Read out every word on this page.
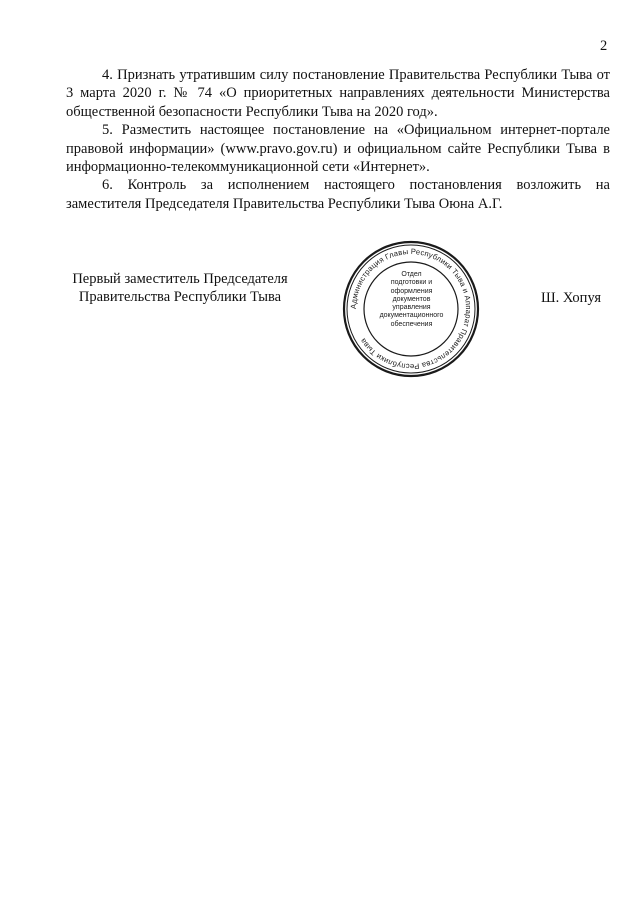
2

4. Признать утратившим силу постановление Правительства Республики Тыва от 3 марта 2020 г. № 74 «О приоритетных направлениях деятельности Министерства общественной безопасности Республики Тыва на 2020 год».

5. Разместить настоящее постановление на «Официальном интернет-портале правовой информации» (www.pravo.gov.ru) и официальном сайте Республики Тыва в информационно-телекоммуникационной сети «Интернет».

6. Контроль за исполнением настоящего постановления возложить на заместителя Председателя Правительства Республики Тыва Оюна А.Г.

Первый заместитель Председателя
Правительства Республики Тыва
Администрация Главы Республики Тыва и Аппарат Правительства Республики Тыва
Отдел
подготовки и
оформления документов
управления
документационного
обеспечения
Ш. Хопуя
